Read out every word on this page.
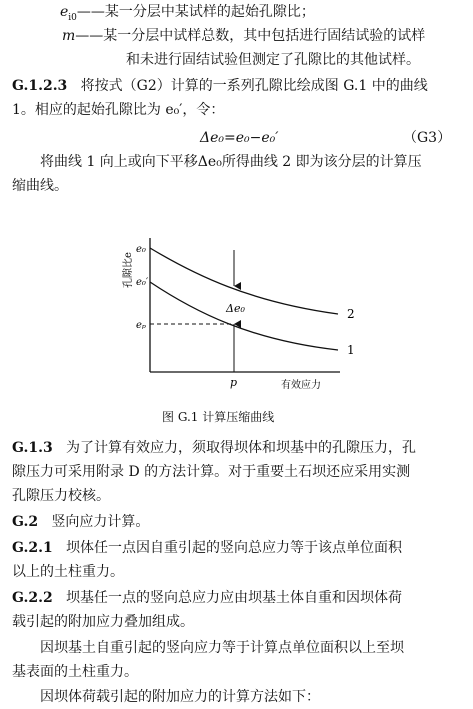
$e_{i0}——$某一分层中某试样的起始孔隙比；
m——某一分层中试样总数，其中包括进行固结试验的试样
和未进行固结试验但测定了孔隙比的其他试样。
G.1.2.3 将按式（G2）计算的一系列孔隙比绘成图 G.1 中的曲线
1。相应的起始孔隙比为 e₀′，令：
Δe₀=e₀−e₀′	（G3）
将曲线 1 向上或向下平移Δe₀所得曲线 2 即为该分层的计算压
缩曲线。
孔隙比e
e₀
e₀′
eₚ
p
Δe₀	2
1
有效应力
图 G.1 计算压缩曲线
G.1.3 为了计算有效应力，须取得坝体和坝基中的孔隙压力，孔
隙压力可采用附录 D 的方法计算。对于重要土石坝还应采用实测
孔隙压力校核。
G.2 竖向应力计算。
G.2.1 坝体任一点因自重引起的竖向总应力等于该点单位面积
以上的土柱重力。
G.2.2 坝基任一点的竖向总应力应由坝基土体自重和因坝体荷
载引起的附加应力叠加组成。
因坝基土自重引起的竖向应力等于计算点单位面积以上至坝
基表面的土柱重力。
因坝体荷载引起的附加应力的计算方法如下：
